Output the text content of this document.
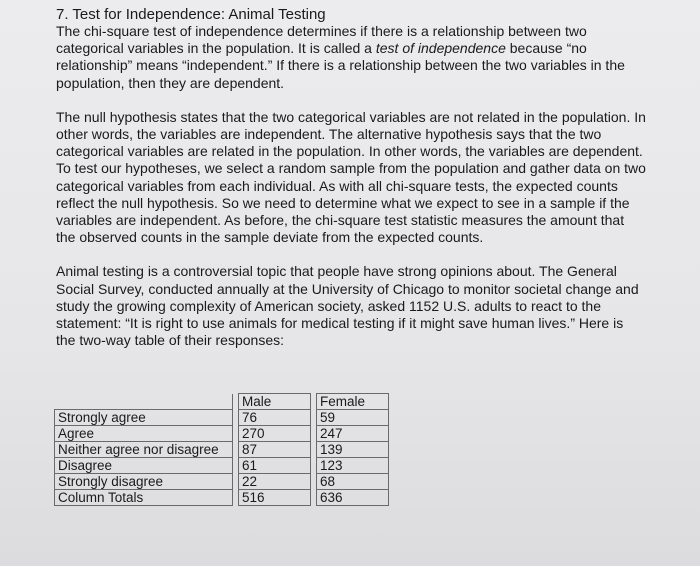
7. Test for Independence: Animal Testing

The chi-square test of independence determines if there is a relationship between two categorical variables in the population. It is called a test of independence because “no relationship” means “independent.” If there is a relationship between the two variables in the population, then they are dependent.

The null hypothesis states that the two categorical variables are not related in the population. In other words, the variables are independent. The alternative hypothesis says that the two categorical variables are related in the population. In other words, the variables are dependent. To test our hypotheses, we select a random sample from the population and gather data on two categorical variables from each individual. As with all chi-square tests, the expected counts reflect the null hypothesis. So we need to determine what we expect to see in a sample if the variables are independent. As before, the chi-square test statistic measures the amount that the observed counts in the sample deviate from the expected counts.

Animal testing is a controversial topic that people have strong opinions about. The General Social Survey, conducted annually at the University of Chicago to monitor societal change and study the growing complexity of American society, asked 1152 U.S. adults to react to the statement: “It is right to use animals for medical testing if it might save human lives.” Here is the two-way table of their responses:

		Male		Female
Strongly agree		76		59
Agree		270		247
Neither agree nor disagree		87		139
Disagree		61		123
Strongly disagree		22		68
Column Totals		516		636
